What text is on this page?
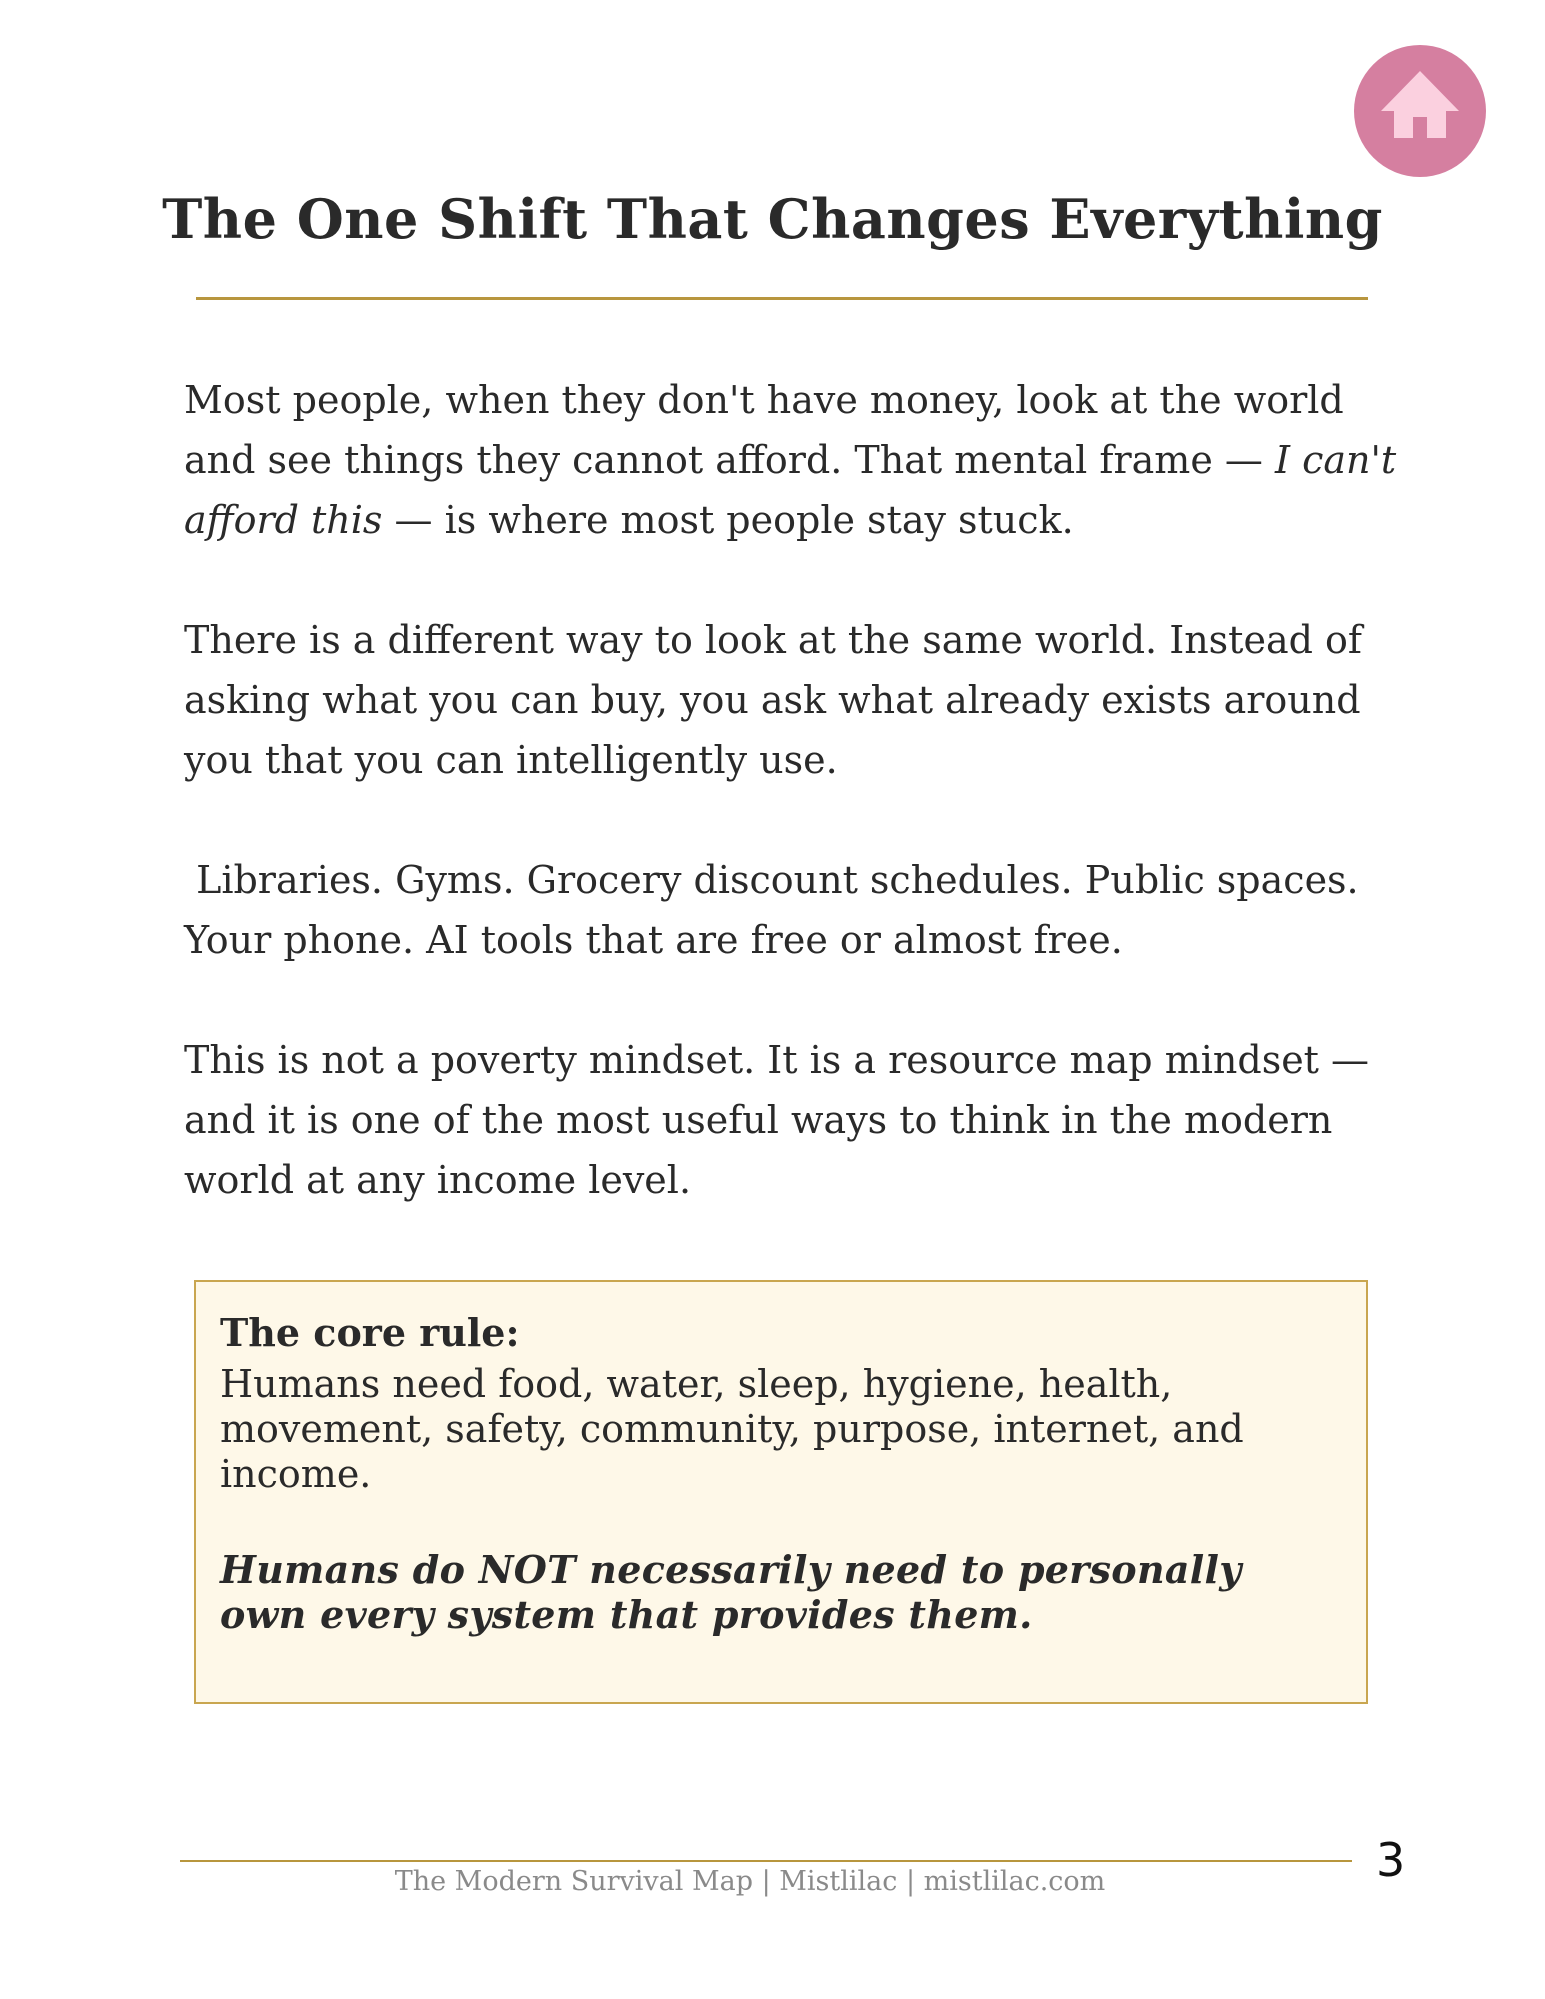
The One Shift That Changes Everything

Most people, when they don't have money, look at the world and see things they cannot afford. That mental frame — I can't afford this — is where most people stay stuck.

There is a different way to look at the same world. Instead of asking what you can buy, you ask what already exists around you that you can intelligently use.

Libraries. Gyms. Grocery discount schedules. Public spaces. Your phone. AI tools that are free or almost free.

This is not a poverty mindset. It is a resource map mindset — and it is one of the most useful ways to think in the modern world at any income level.

The core rule:
Humans need food, water, sleep, hygiene, health, movement, safety, community, purpose, internet, and income.
Humans do NOT necessarily need to personally own every system that provides them.
3
The Modern Survival Map | Mistlilac | mistlilac.com
